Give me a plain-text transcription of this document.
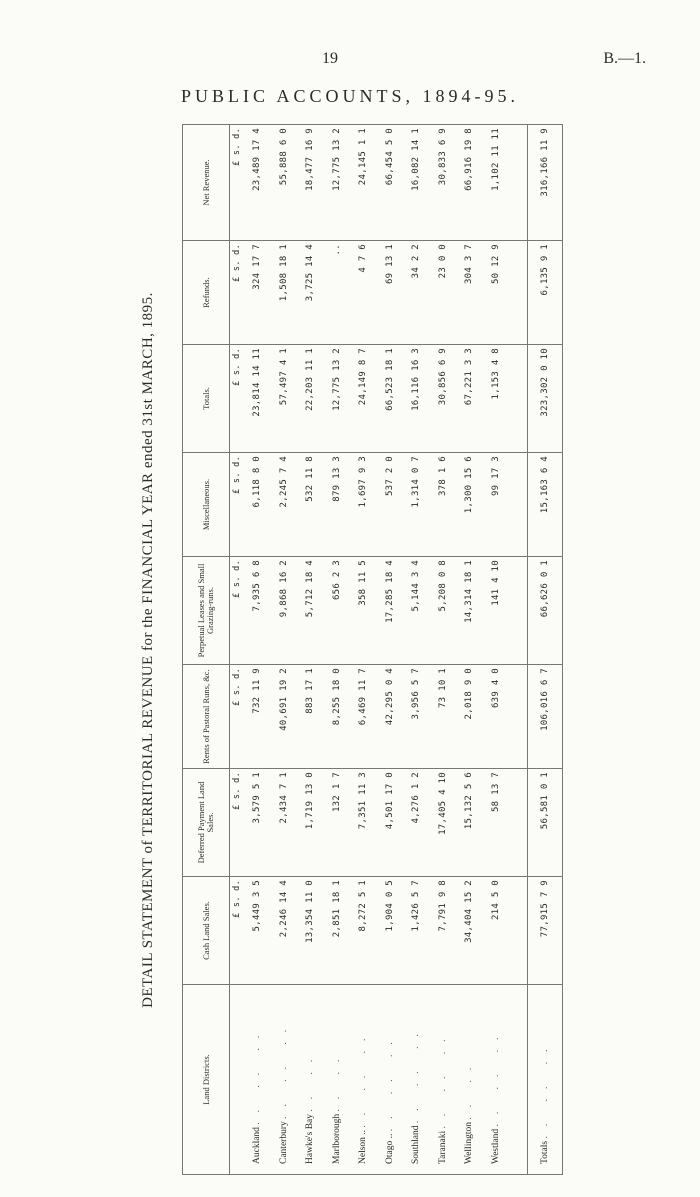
19	B.—1.
PUBLIC ACCOUNTS, 1894-95.
DETAIL STATEMENT of TERRITORIAL REVENUE for the FINANCIAL YEAR ended 31st MARCH, 1895.
Land Districts.	Cash Land Sales.	Deferred Payment Land Sales.	Rents of Pastoral Runs, &c.	Perpetual Leases and Small Grazing-runs.	Miscellaneous.	Totals.	Refunds.	Net Revenue.
	£ s. d.	£ s. d.	£ s. d.	£ s. d.	£ s. d.	£ s. d.	£ s. d.	£ s. d.
Auckland .. .. ..	5,449 3 5	3,579 5 1	732 11 9	7,935 6 8	6,118 8 0	23,814 14 11	324 17 7	23,489 17 4
Canterbury .. .. ..	2,246 14 4	2,434 7 1	40,691 19 2	9,868 16 2	2,245 7 4	57,497 4 1	1,508 18 1	55,888 6 0
Hawke's Bay .. ..	13,354 11 0	1,719 13 0	883 17 1	5,712 18 4	532 11 8	22,203 11 1	3,725 14 4	18,477 16 9
Marlborough .. ..	2,851 18 1	132 1 7	8,255 18 0	656 2 3	879 13 3	12,775 13 2	..	12,775 13 2
Nelson .. .. .. ..	8,272 5 1	7,351 11 3	6,469 11 7	358 11 5	1,697 9 3	24,149 8 7	4 7 6	24,145 1 1
Otago .. .. .. ..	1,904 0 5	4,501 17 0	42,295 0 4	17,285 18 4	537 2 0	66,523 18 1	69 13 1	66,454 5 0
Southland .. .. ..	1,426 5 7	4,276 1 2	3,956 5 7	5,144 3 4	1,314 0 7	16,116 16 3	34 2 2	16,082 14 1
Taranaki .. .. ..	7,791 9 8	17,405 4 10	73 10 1	5,208 0 8	378 1 6	30,856 6 9	23 0 0	30,833 6 9
Wellington .. ..	34,404 15 2	15,132 5 6	2,018 9 0	14,314 18 1	1,300 15 6	67,221 3 3	304 3 7	66,916 19 8
Westland .. .. ..	214 5 0	58 13 7	639 4 0	141 4 10	99 17 3	1,153 4 8	50 12 9	1,102 11 11

Totals .. .. ..	77,915 7 9	56,581 0 1	106,016 6 7	66,626 0 1	15,163 6 4	323,302 0 10	6,135 9 1	316,166 11 9
